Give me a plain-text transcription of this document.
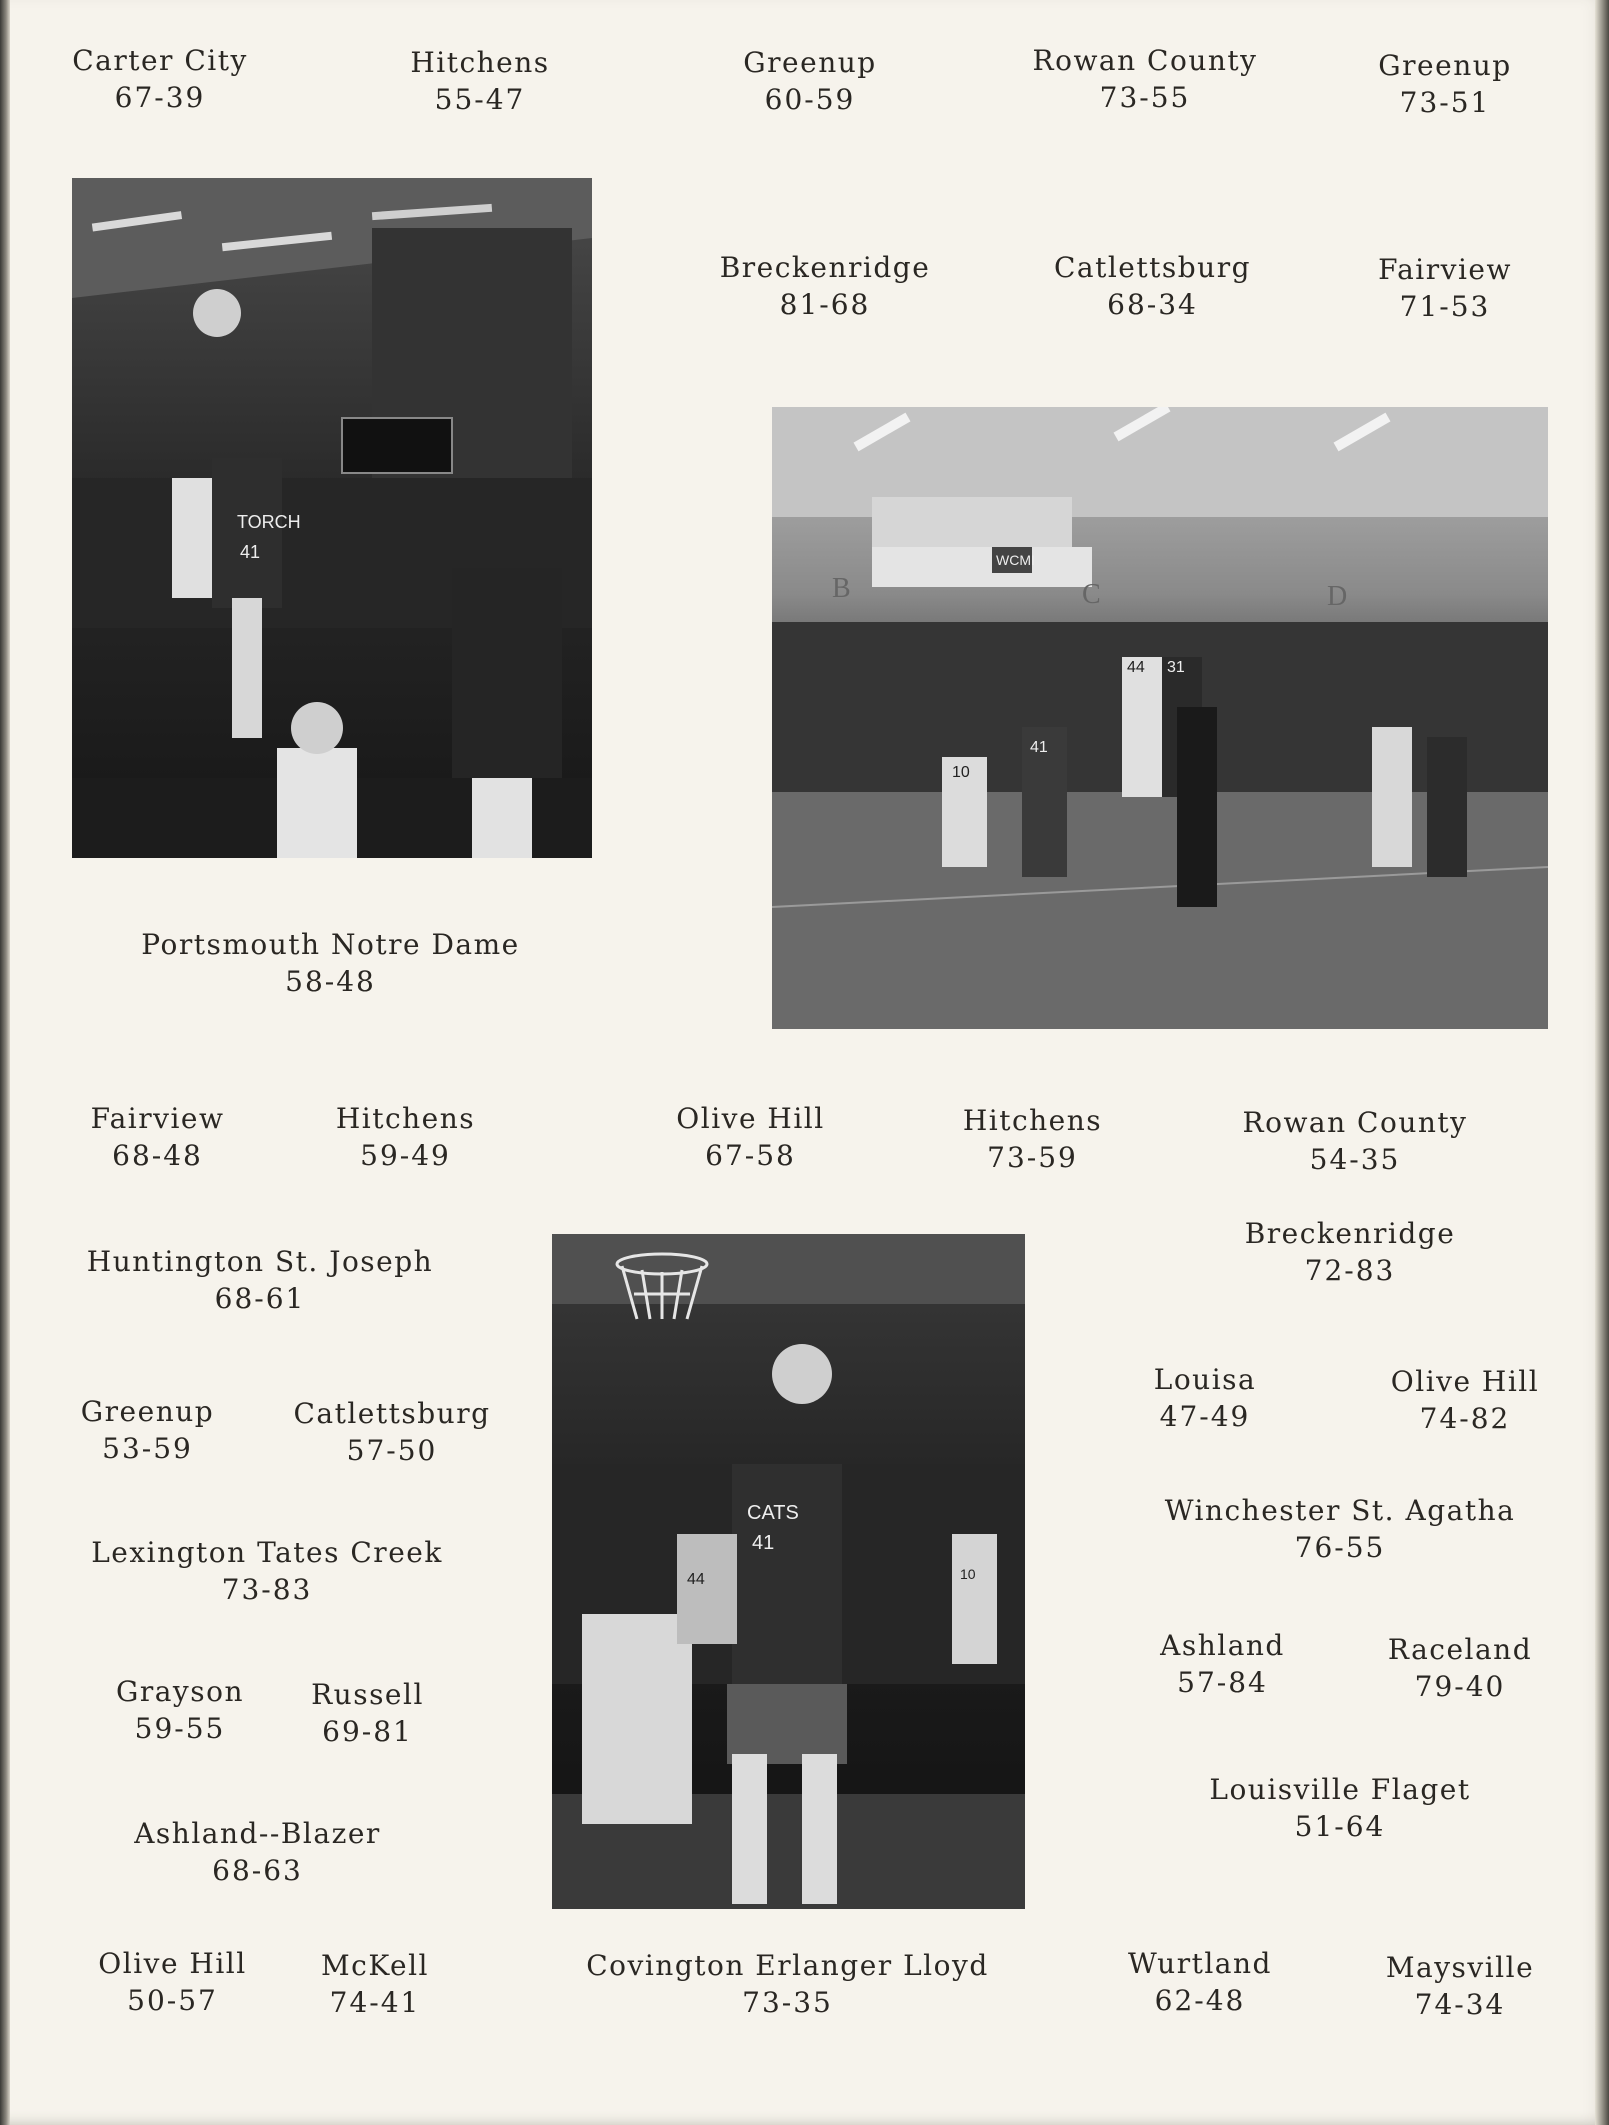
Carter City
67-39
Hitchens
55-47
Greenup
60-59
Rowan County
73-55
Greenup
73-51
Breckenridge
81-68
Catlettsburg
68-34
Fairview
71-53
TORCH
41	WCMI
B	C	D
44 31
10
41
Portsmouth Notre Dame
58-48
Fairview
68-48
Hitchens
59-49
Olive Hill
67-58
Hitchens
73-59
Rowan County
54-35
Huntington St. Joseph
68-61
Breckenridge
72-83
CATS
41
44	10
Greenup
53-59
Catlettsburg
57-50
Louisa
47-49
Olive Hill
74-82
Lexington Tates Creek
73-83
Winchester St. Agatha
76-55
Grayson
59-55
Russell
69-81
Ashland
57-84
Raceland
79-40
Louisville Flaget
51-64
Ashland--Blazer
68-63
Olive Hill
50-57
McKell
74-41
Covington Erlanger Lloyd
73-35
Wurtland
62-48
Maysville
74-34
